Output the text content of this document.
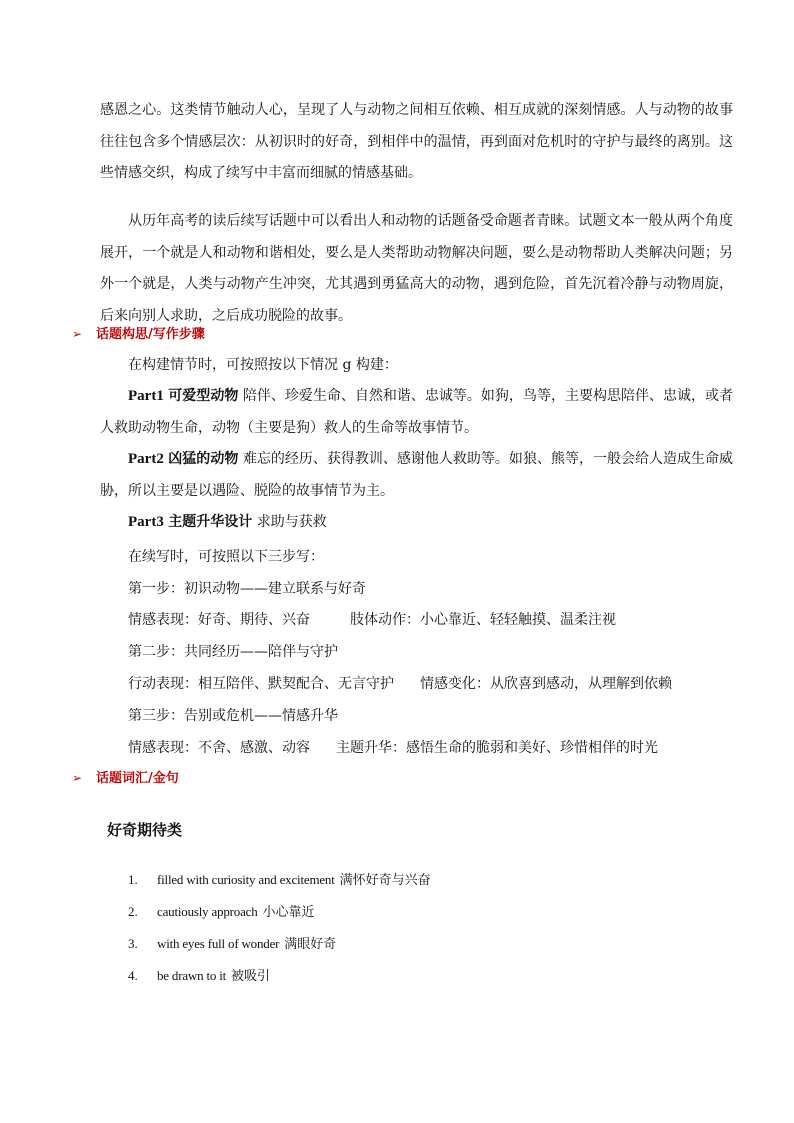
感恩之心。这类情节触动人心，呈现了人与动物之间相互依赖、相互成就的深刻情感。人与动物的故事往往包含多个情感层次：从初识时的好奇，到相伴中的温情，再到面对危机时的守护与最终的离别。这些情感交织，构成了续写中丰富而细腻的情感基础。

从历年高考的读后续写话题中可以看出人和动物的话题备受命题者青睐。试题文本一般从两个角度展开，一个就是人和动物和谐相处，要么是人类帮助动物解决问题，要么是动物帮助人类解决问题；另外一个就是，人类与动物产生冲突，尤其遇到勇猛高大的动物，遇到危险，首先沉着冷静与动物周旋，后来向别人求助，之后成功脱险的故事。

➢ 话题构思/写作步骤

在构建情节时，可按照按以下情况 g 构建：

Part1 可爱型动物 陪伴、珍爱生命、自然和谐、忠诚等。如狗，鸟等，主要构思陪伴、忠诚，或者人救助动物生命，动物（主要是狗）救人的生命等故事情节。

Part2 凶猛的动物 难忘的经历、获得教训、感谢他人救助等。如狼、熊等，一般会给人造成生命威胁，所以主要是以遇险、脱险的故事情节为主。

Part3 主题升华设计 求助与获救

在续写时，可按照以下三步写：

第一步：初识动物——建立联系与好奇

情感表现：好奇、期待、兴奋	肢体动作：小心靠近、轻轻触摸、温柔注视

第二步：共同经历——陪伴与守护

行动表现：相互陪伴、默契配合、无言守护 情感变化：从欣喜到感动，从理解到依赖

第三步：告别或危机——情感升华

情感表现：不舍、感激、动容 主题升华：感悟生命的脆弱和美好、珍惜相伴的时光

➢ 话题词汇/金句
好奇期待类
1. filled with curiosity and excitement 满怀好奇与兴奋
2. cautiously approach 小心靠近
3. with eyes full of wonder 满眼好奇
4. be drawn to it 被吸引
